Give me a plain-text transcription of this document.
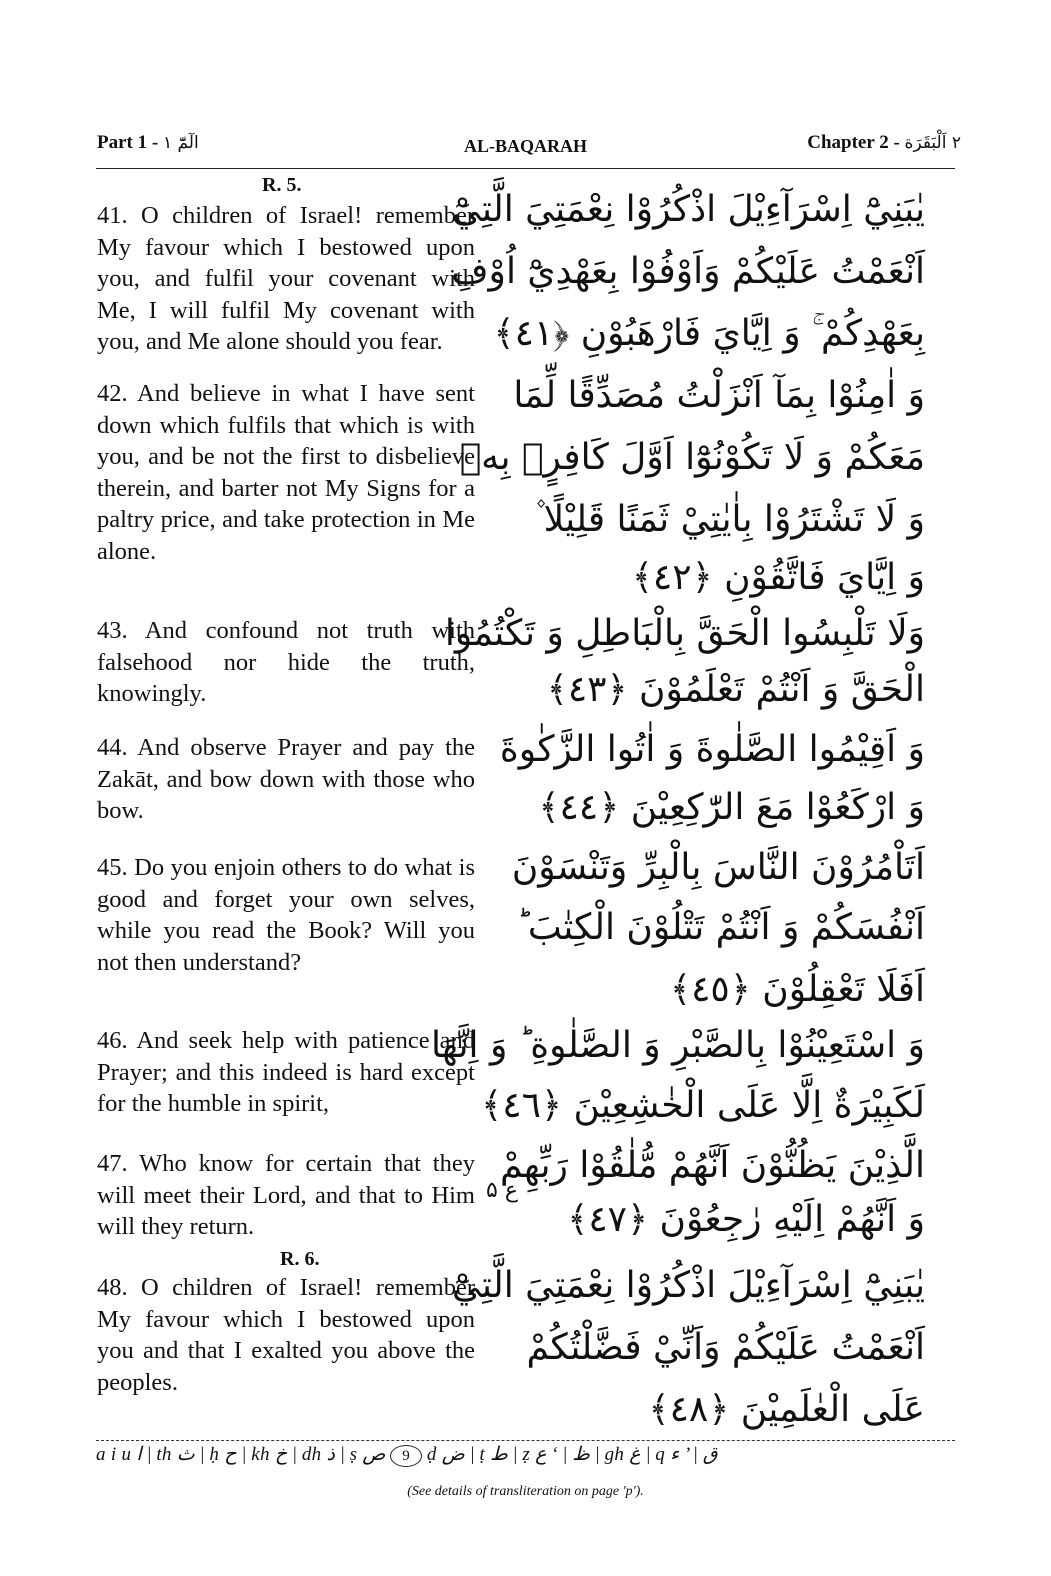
Part 1 - الٓمّٓ ١	AL-BAQARAH	Chapter 2 - ٢ اَلْبَقَرَة
R. 5.
R. 6.

41. O children of Israel! remember My favour which I bestowed upon you, and fulfil your covenant with Me, I will fulfil My covenant with you, and Me alone should you fear.

42. And believe in what I have sent down which fulfils that which is with you, and be not the first to disbelieve therein, and barter not My Signs for a paltry price, and take protection in Me alone.

43. And confound not truth with falsehood nor hide the truth, knowingly.

44. And observe Prayer and pay the Zakāt, and bow down with those who bow.

45. Do you enjoin others to do what is good and forget your own selves, while you read the Book? Will you not then understand?

46. And seek help with patience and Prayer; and this indeed is hard except for the humble in spirit,

47. Who know for certain that they will meet their Lord, and that to Him will they return.

48. O children of Israel! remember My favour which I bestowed upon you and that I exalted you above the peoples.

ع ۵
يٰبَنِيْٓ اِسْرَآءِيْلَ اذْكُرُوْا نِعْمَتِيَ الَّتِيْٓ
اَنْعَمْتُ عَلَيْكُمْ وَاَوْفُوْا بِعَهْدِيْٓ اُوْفِ
بِعَهْدِكُمْ ۚ وَ اِيَّايَ فَارْهَبُوْنِ ﴿٤١﴾
وَ اٰمِنُوْا بِمَآ اَنْزَلْتُ مُصَدِّقًا لِّمَا
مَعَكُمْ وَ لَا تَكُوْنُوْٓا اَوَّلَ كَافِرٍۭ بِهٖ
وَ لَا تَشْتَرُوْا بِاٰيٰتِيْ ثَمَنًا قَلِيْلًا ۫
وَ اِيَّايَ فَاتَّقُوْنِ ﴿٤٢﴾
وَلَا تَلْبِسُوا الْحَقَّ بِالْبَاطِلِ وَ تَكْتُمُوا
الْحَقَّ وَ اَنْتُمْ تَعْلَمُوْنَ ﴿٤٣﴾
وَ اَقِيْمُوا الصَّلٰوةَ وَ اٰتُوا الزَّكٰوةَ
وَ ارْكَعُوْا مَعَ الرّٰكِعِيْنَ ﴿٤٤﴾
اَتَاْمُرُوْنَ النَّاسَ بِالْبِرِّ وَتَنْسَوْنَ
اَنْفُسَكُمْ وَ اَنْتُمْ تَتْلُوْنَ الْكِتٰبَ ؕ
اَفَلَا تَعْقِلُوْنَ ﴿٤٥﴾
وَ اسْتَعِيْنُوْا بِالصَّبْرِ وَ الصَّلٰوةِ ؕ وَ اِنَّهَا
لَكَبِيْرَةٌ اِلَّا عَلَى الْخٰشِعِيْنَ ﴿٤٦﴾
الَّذِيْنَ يَظُنُّوْنَ اَنَّهُمْ مُّلٰقُوْا رَبِّهِمْ
وَ اَنَّهُمْ اِلَيْهِ رٰجِعُوْنَ ﴿٤٧﴾
يٰبَنِيْٓ اِسْرَآءِيْلَ اذْكُرُوْا نِعْمَتِيَ الَّتِيْٓ
اَنْعَمْتُ عَلَيْكُمْ وَاَنِّيْ فَضَّلْتُكُمْ
عَلَى الْعٰلَمِيْنَ ﴿٤٨﴾
a i u ا | th ث | ḥ ح | kh خ | dh ذ | ṣ ص 9 ḍ ض | ṭ ط | ẓ ظ | ‘ ع | gh غ | q ق | ’ ء
(See details of transliteration on page 'p').
